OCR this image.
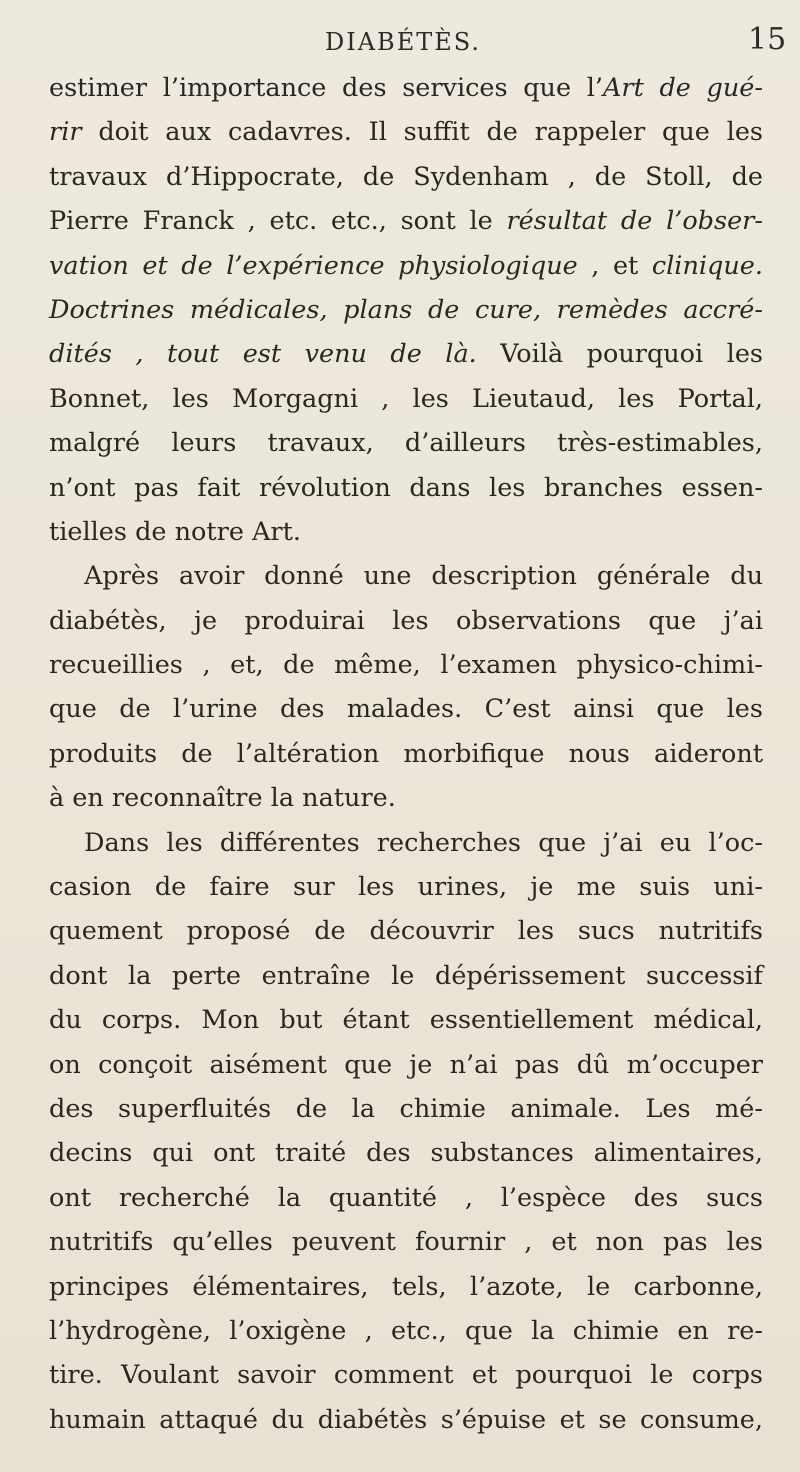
DIABÉTÈS.	15
estimer l’importance des services que l’Art de gué-
rir doit aux cadavres. Il suffit de rappeler que les
travaux d’Hippocrate, de Sydenham , de Stoll, de
Pierre Franck , etc. etc., sont le résultat de l’obser-
vation et de l’expérience physiologique , et clinique.
Doctrines médicales, plans de cure, remèdes accré-
dités , tout est venu de là. Voilà pourquoi les
Bonnet, les Morgagni , les Lieutaud, les Portal,
malgré leurs travaux, d’ailleurs très-estimables,
n’ont pas fait révolution dans les branches essen-
tielles de notre Art.
Après avoir donné une description générale du
diabétès, je produirai les observations que j’ai
recueillies , et, de même, l’examen physico-chimi-
que de l’urine des malades. C’est ainsi que les
produits de l’altération morbifique nous aideront
à en reconnaître la nature.
Dans les différentes recherches que j’ai eu l’oc-
casion de faire sur les urines, je me suis uni-
quement proposé de découvrir les sucs nutritifs
dont la perte entraîne le dépérissement successif
du corps. Mon but étant essentiellement médical,
on conçoit aisément que je n’ai pas dû m’occuper
des superfluités de la chimie animale. Les mé-
decins qui ont traité des substances alimentaires,
ont recherché la quantité , l’espèce des sucs
nutritifs qu’elles peuvent fournir , et non pas les
principes élémentaires, tels, l’azote, le carbonne,
l’hydrogène, l’oxigène , etc., que la chimie en re-
tire. Voulant savoir comment et pourquoi le corps
humain attaqué du diabétès s’épuise et se consume,
